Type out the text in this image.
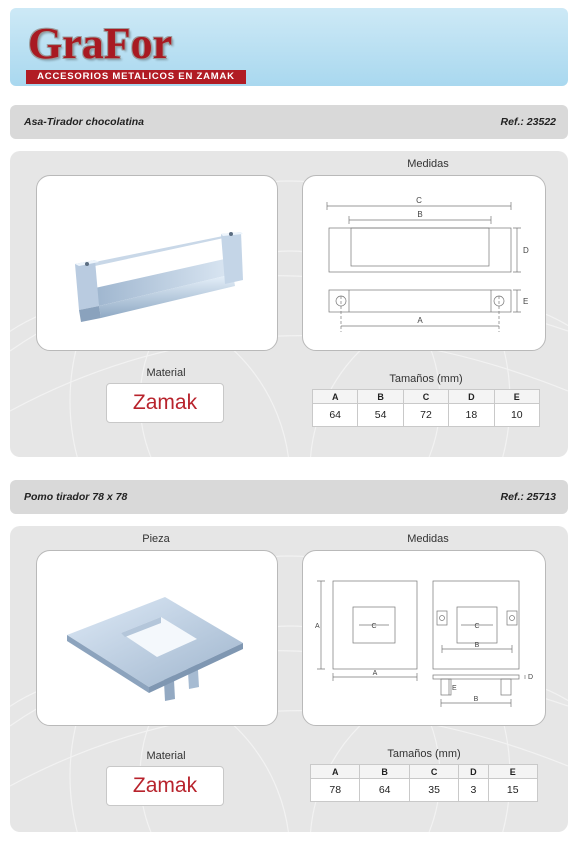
GraFor
ACCESORIOS METALICOS EN ZAMAK
Asa-Tirador chocolatina	Ref.: 23522
Medidas
C
B
D
E
A
Material
Zamak
Tamaños (mm)
A	B	C	D	E
64	54	72	18	10
Pomo tirador 78 x 78	Ref.: 25713
Pieza	Medidas
A
A
C	C
B
D
E
B
Material
Zamak
Tamaños (mm)
A	B	C	D	E
78	64	35	3	15
